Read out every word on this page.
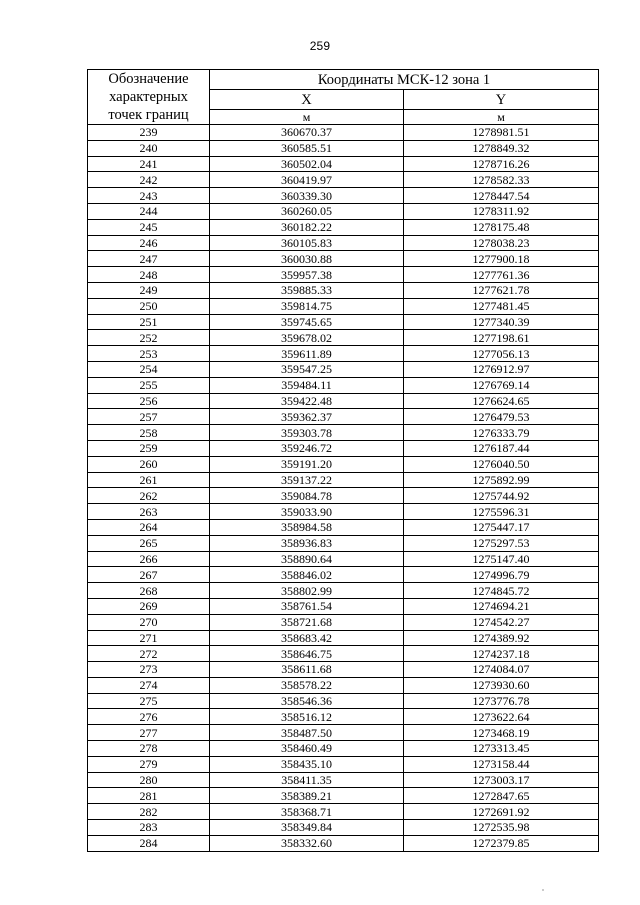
259
Обозначение
характерных
точек границ	Координаты МСК-12 зона 1	
	X	Y
	м	м
239	360670.37	1278981.51
240	360585.51	1278849.32
241	360502.04	1278716.26
242	360419.97	1278582.33
243	360339.30	1278447.54
244	360260.05	1278311.92
245	360182.22	1278175.48
246	360105.83	1278038.23
247	360030.88	1277900.18
248	359957.38	1277761.36
249	359885.33	1277621.78
250	359814.75	1277481.45
251	359745.65	1277340.39
252	359678.02	1277198.61
253	359611.89	1277056.13
254	359547.25	1276912.97
255	359484.11	1276769.14
256	359422.48	1276624.65
257	359362.37	1276479.53
258	359303.78	1276333.79
259	359246.72	1276187.44
260	359191.20	1276040.50
261	359137.22	1275892.99
262	359084.78	1275744.92
263	359033.90	1275596.31
264	358984.58	1275447.17
265	358936.83	1275297.53
266	358890.64	1275147.40
267	358846.02	1274996.79
268	358802.99	1274845.72
269	358761.54	1274694.21
270	358721.68	1274542.27
271	358683.42	1274389.92
272	358646.75	1274237.18
273	358611.68	1274084.07
274	358578.22	1273930.60
275	358546.36	1273776.78
276	358516.12	1273622.64
277	358487.50	1273468.19
278	358460.49	1273313.45
279	358435.10	1273158.44
280	358411.35	1273003.17
281	358389.21	1272847.65
282	358368.71	1272691.92
283	358349.84	1272535.98
284	358332.60	1272379.85
